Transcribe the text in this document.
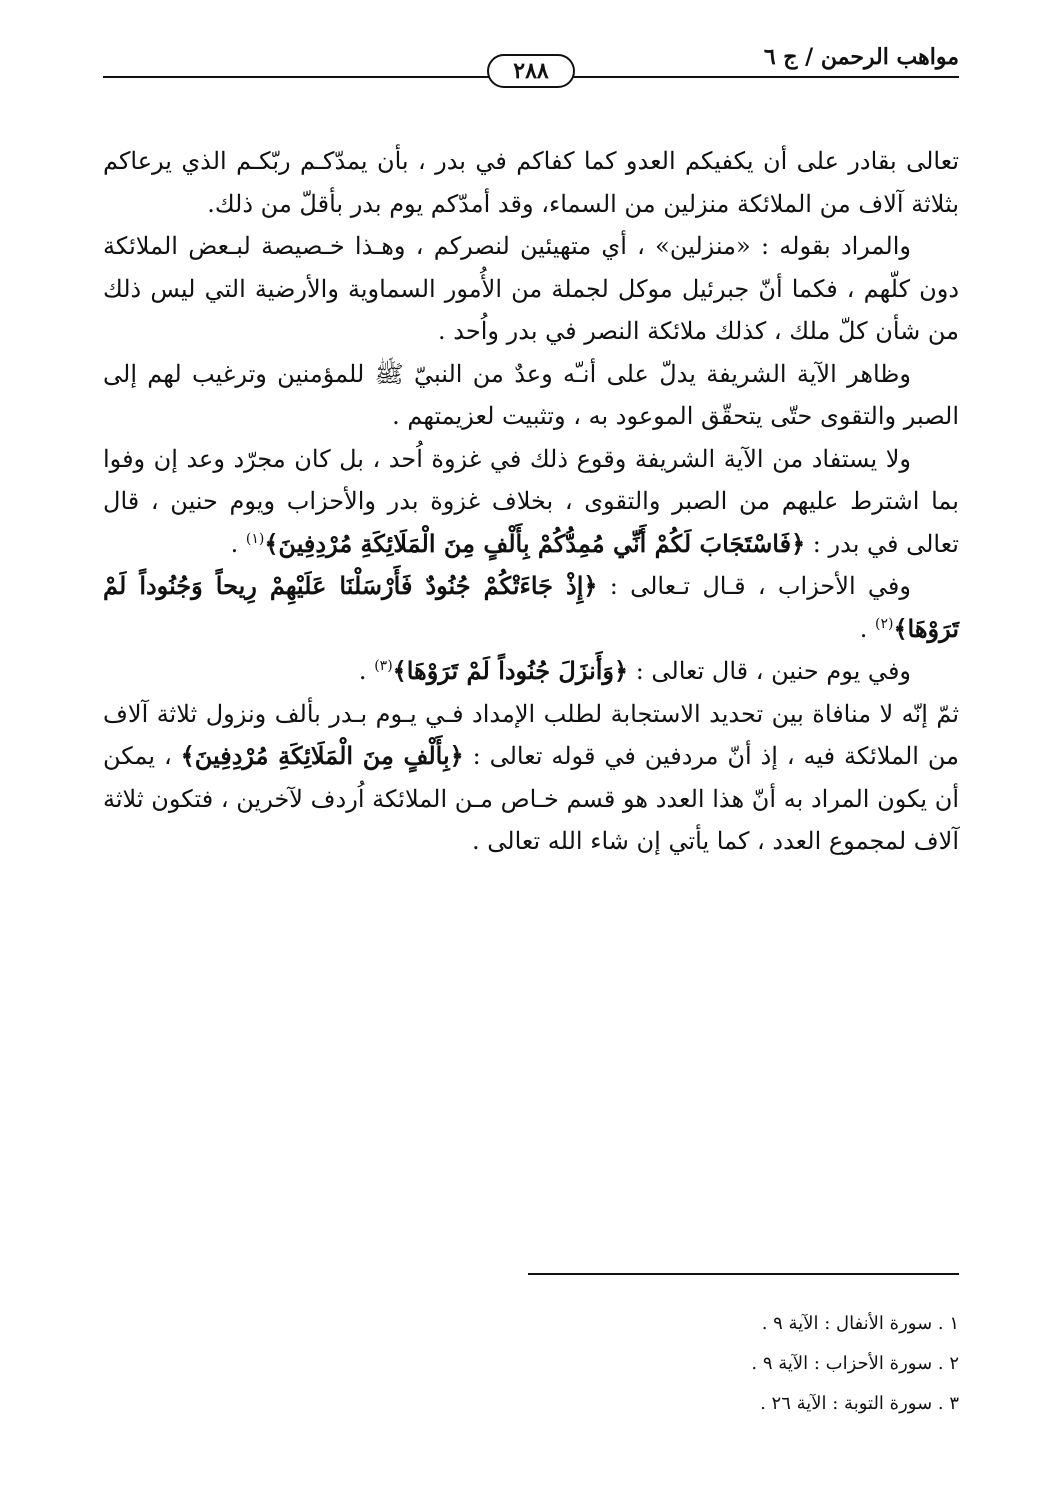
٢٨٨
مواهب الرحمن / ج ٦

تعالى بقادر على أن يكفيكم العدو كما كفاكم في بدر ، بأن يمدّكـم ربّكـم الذي يرعاكم بثلاثة آلاف من الملائكة منزلين من السماء، وقد أمدّكم يوم بدر بأقلّ من ذلك.

والمراد بقوله : «منزلين» ، أي متهيئين لنصركم ، وهـذا خـصيصة لبـعض الملائكة دون كلّهم ، فكما أنّ جبرئيل موكل لجملة من الأُمور السماوية والأرضية التي ليس ذلك من شأن كلّ ملك ، كذلك ملائكة النصر في بدر واُحد .

وظاهر الآية الشريفة يدلّ على أنـّه وعدٌ من النبيّ ﷺ للمؤمنين وترغيب لهم إلى الصبر والتقوى حتّى يتحقّق الموعود به ، وتثبيت لعزيمتهم .

ولا يستفاد من الآية الشريفة وقوع ذلك في غزوة اُحد ، بل كان مجرّد وعد إن وفوا بما اشترط عليهم من الصبر والتقوى ، بخلاف غزوة بدر والأحزاب ويوم حنين ، قال تعالى في بدر : ﴿فَاسْتَجَابَ لَكُمْ أَنِّي مُمِدُّكُمْ بِأَلْفٍ مِنَ الْمَلَائِكَةِ مُرْدِفِينَ﴾$^{(١)}$ .

وفي الأحزاب ، قـال تـعالى : ﴿إِذْ جَاءَتْكُمْ جُنُودٌ فَأَرْسَلْنَا عَلَيْهِمْ رِيحاً وَجُنُوداً لَمْ تَرَوْهَا﴾$^{(٢)}$ .

وفي يوم حنين ، قال تعالى : ﴿وَأَنزَلَ جُنُوداً لَمْ تَرَوْهَا﴾$^{(٣)}$ .

ثمّ إنّه لا منافاة بين تحديد الاستجابة لطلب الإمداد فـي يـوم بـدر بألف ونزول ثلاثة آلاف من الملائكة فيه ، إذ أنّ مردفين في قوله تعالى : ﴿بِأَلْفٍ مِنَ الْمَلَائِكَةِ مُرْدِفِينَ﴾ ، يمكن أن يكون المراد به أنّ هذا العدد هو قسم خـاص مـن الملائكة اُردف لآخرين ، فتكون ثلاثة آلاف لمجموع العدد ، كما يأتي إن شاء الله تعالى .

١ . سورة الأنفال : الآية ٩ .

٢ . سورة الأحزاب : الآية ٩ .

٣ . سورة التوبة : الآية ٢٦ .
